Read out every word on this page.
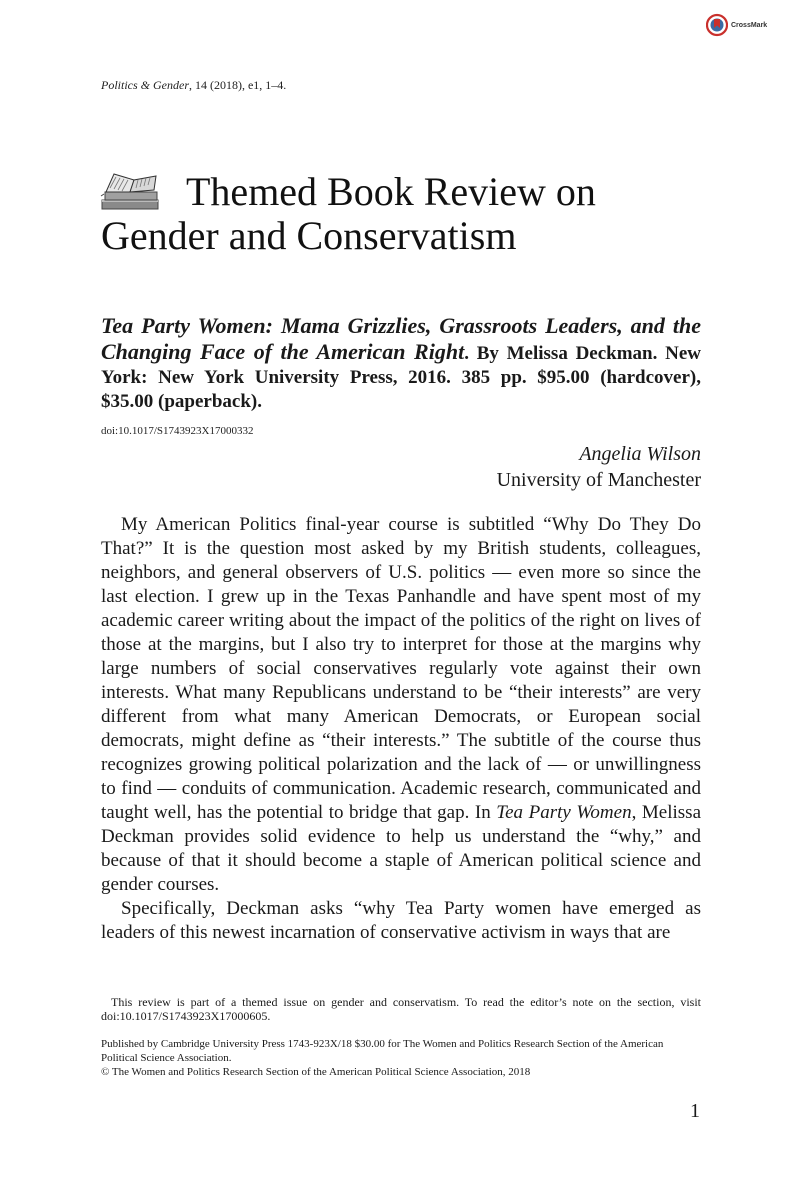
CrossMark
Politics & Gender, 14 (2018), e1, 1–4.
Themed Book Review on
Gender and Conservatism

Tea Party Women: Mama Grizzlies, Grassroots Leaders, and the Changing Face of the American Right. By Melissa Deckman. New York: New York University Press, 2016. 385 pp. $95.00 (hardcover), $35.00 (paperback).

doi:10.1017/S1743923X17000332
Angelia Wilson
University of Manchester

My American Politics final-year course is subtitled “Why Do They Do That?” It is the question most asked by my British students, colleagues, neighbors, and general observers of U.S. politics — even more so since the last election. I grew up in the Texas Panhandle and have spent most of my academic career writing about the impact of the politics of the right on lives of those at the margins, but I also try to interpret for those at the margins why large numbers of social conservatives regularly vote against their own interests. What many Republicans understand to be “their interests” are very different from what many American Democrats, or European social democrats, might define as “their interests.” The subtitle of the course thus recognizes growing political polarization and the lack of — or unwillingness to find — conduits of communication. Academic research, communicated and taught well, has the potential to bridge that gap. In Tea Party Women, Melissa Deckman provides solid evidence to help us understand the “why,” and because of that it should become a staple of American political science and gender courses.

Specifically, Deckman asks “why Tea Party women have emerged as leaders of this newest incarnation of conservative activism in ways that are

This review is part of a themed issue on gender and conservatism. To read the editor’s note on the section, visit doi:10.1017/S1743923X17000605.
Published by Cambridge University Press 1743-923X/18 $30.00 for The Women and Politics Research Section of the American Political Science Association.
© The Women and Politics Research Section of the American Political Science Association, 2018
1
